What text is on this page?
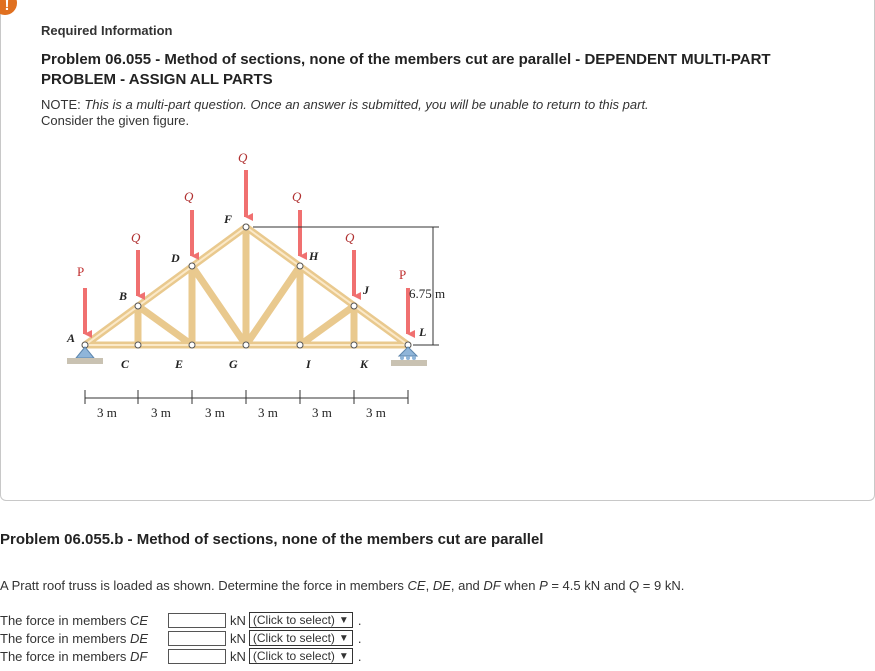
!
Required Information
Problem 06.055 - Method of sections, none of the members cut are parallel - DEPENDENT MULTI-PART PROBLEM - ASSIGN ALL PARTS
NOTE: This is a multi-part question. Once an answer is submitted, you will be unable to return to this part.
Consider the given figure.
P
Q
Q
Q
Q
Q
P
A
B
C
D
E
F
G
H
I
J
K
L
6.75 m
3 m	3 m	3 m	3 m	3 m	3 m
Problem 06.055.b - Method of sections, none of the members cut are parallel
A Pratt roof truss is loaded as shown. Determine the force in members CE, DE, and DF when P = 4.5 kN and Q = 9 kN.
The force in members CE	kN (Click to select) ▼ .
The force in members DE	kN (Click to select) ▼ .
The force in members DF	kN (Click to select) ▼ .
